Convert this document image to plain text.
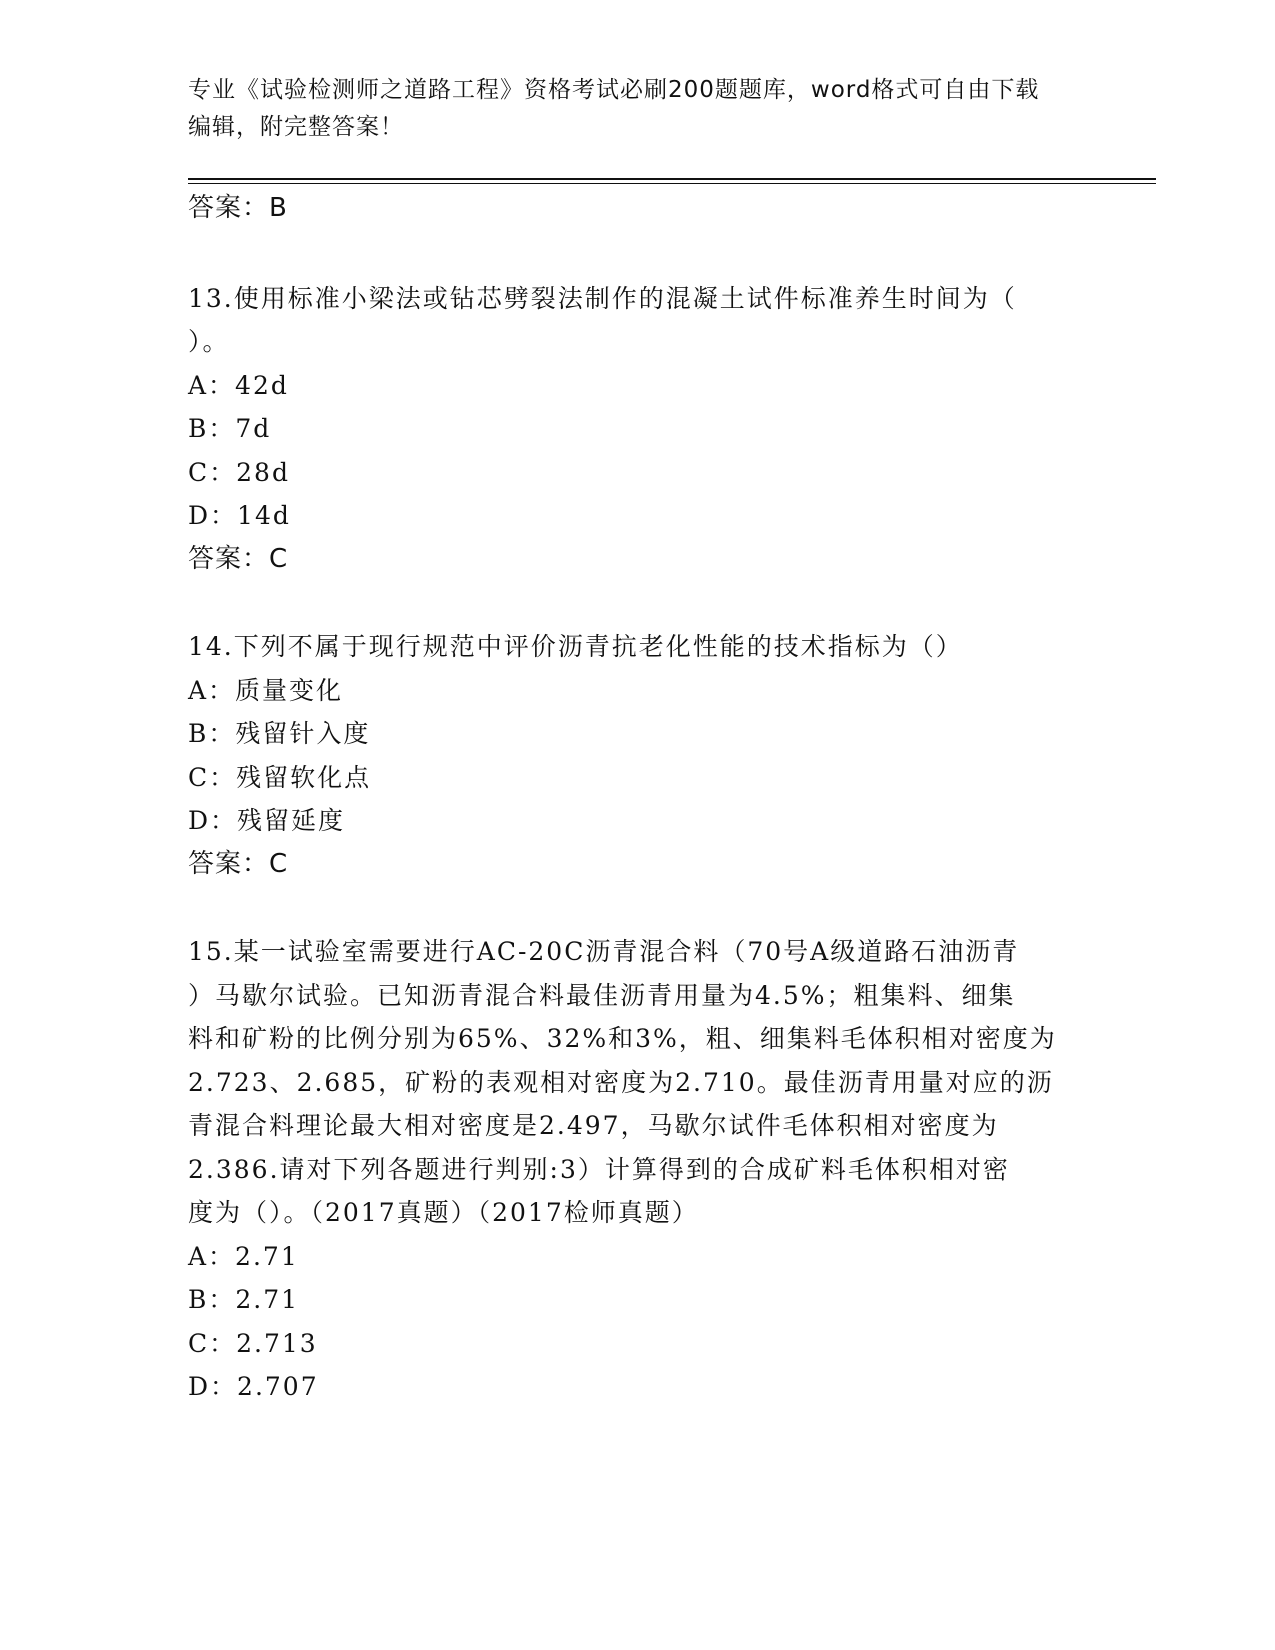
专业《试验检测师之道路工程》资格考试必刷200题题库，word格式可自由下载
编辑，附完整答案！
答案：B
13.使用标准小梁法或钻芯劈裂法制作的混凝土试件标准养生时间为（
）。
A：42d
B：7d
C：28d
D：14d
答案：C
14.下列不属于现行规范中评价沥青抗老化性能的技术指标为（）
A：质量变化
B：残留针入度
C：残留软化点
D：残留延度
答案：C
15.某一试验室需要进行AC-20C沥青混合料（70号A级道路石油沥青
）马歇尔试验。已知沥青混合料最佳沥青用量为4.5%；粗集料、细集
料和矿粉的比例分别为65%、32%和3%，粗、细集料毛体积相对密度为
2.723、2.685，矿粉的表观相对密度为2.710。最佳沥青用量对应的沥
青混合料理论最大相对密度是2.497，马歇尔试件毛体积相对密度为
2.386.请对下列各题进行判别:3）计算得到的合成矿料毛体积相对密
度为（）。（2017真题）（2017检师真题）
A：2.71
B：2.71
C：2.713
D：2.707
